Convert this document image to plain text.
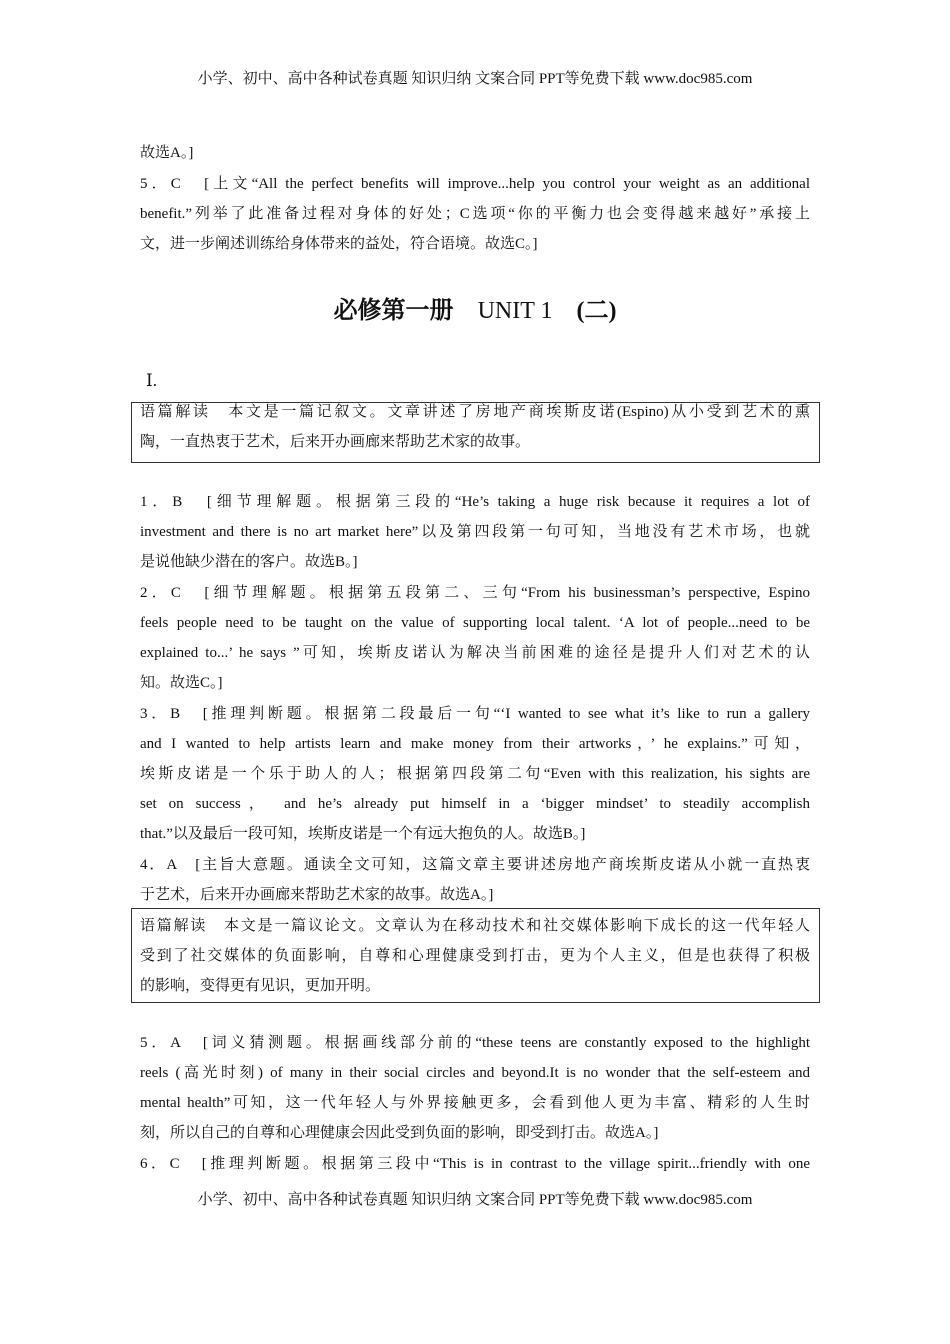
小学、初中、高中各种试卷真题 知识归纳 文案合同 PPT等免费下载 www.doc985.com
故选A。]
5．C　[上文“All the perfect benefits will improve...help you control your weight as an additional
benefit.”列举了此准备过程对身体的好处；C选项“你的平衡力也会变得越来越好”承接上
文，进一步阐述训练给身体带来的益处，符合语境。故选C。]
必修第一册 UNIT 1 (二)
Ⅰ.
语篇解读　本文是一篇记叙文。文章讲述了房地产商埃斯皮诺(Espino)从小受到艺术的熏
陶，一直热衷于艺术，后来开办画廊来帮助艺术家的故事。
1．B　[细节理解题。根据第三段的“He’s taking a huge risk because it requires a lot of
investment and there is no art market here”以及第四段第一句可知，当地没有艺术市场，也就
是说他缺少潜在的客户。故选B。]
2．C　[细节理解题。根据第五段第二、三句“From his businessman’s perspective, Espino
feels people need to be taught on the value of supporting local talent. ‘A lot of people...need to be
explained to...’ he says ”可知，埃斯皮诺认为解决当前困难的途径是提升人们对艺术的认
知。故选C。]
3．B　[推理判断题。根据第二段最后一句“‘I wanted to see what it’s like to run a gallery
and I wanted to help artists learn and make money from their artworks，’ he explains.”可知，
埃斯皮诺是一个乐于助人的人；根据第四段第二句“Even with this realization, his sights are
set on success， and he’s already put himself in a ‘bigger mindset’ to steadily accomplish
that.”以及最后一段可知，埃斯皮诺是一个有远大抱负的人。故选B。]
4．A　[主旨大意题。通读全文可知，这篇文章主要讲述房地产商埃斯皮诺从小就一直热衷
于艺术，后来开办画廊来帮助艺术家的故事。故选A。]
语篇解读　本文是一篇议论文。文章认为在移动技术和社交媒体影响下成长的这一代年轻人
受到了社交媒体的负面影响，自尊和心理健康受到打击，更为个人主义，但是也获得了积极
的影响，变得更有见识，更加开明。
5．A　[词义猜测题。根据画线部分前的“these teens are constantly exposed to the highlight
reels (高光时刻) of many in their social circles and beyond.It is no wonder that the self-esteem and
mental health”可知，这一代年轻人与外界接触更多，会看到他人更为丰富、精彩的人生时
刻，所以自己的自尊和心理健康会因此受到负面的影响，即受到打击。故选A。]
6．C　[推理判断题。根据第三段中“This is in contrast to the village spirit...friendly with one
小学、初中、高中各种试卷真题 知识归纳 文案合同 PPT等免费下载 www.doc985.com
